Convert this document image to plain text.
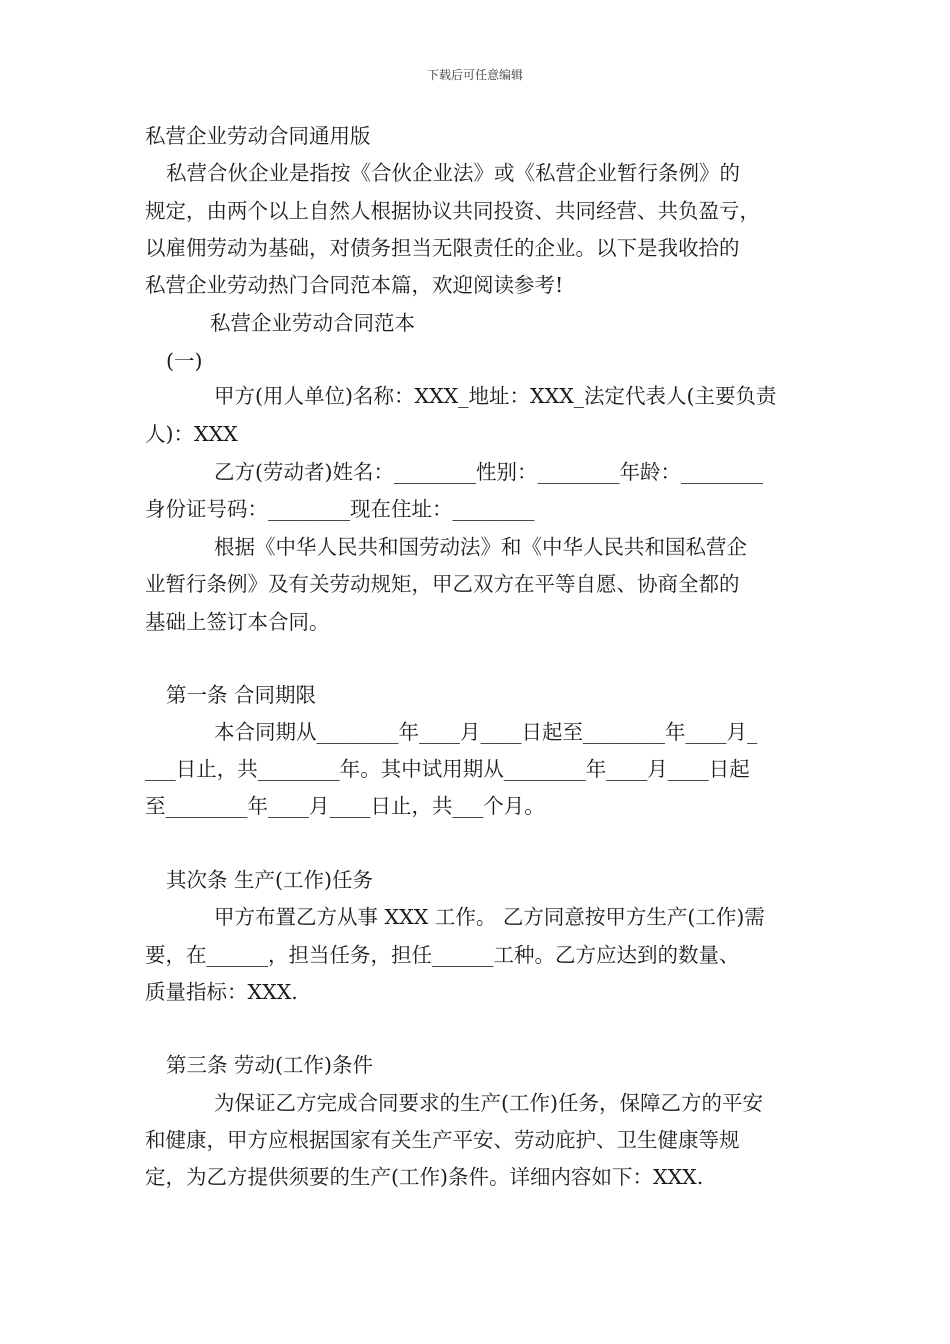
下载后可任意编辑
私营企业劳动合同通用版
私营合伙企业是指按《合伙企业法》或《私营企业暂行条例》的
规定，由两个以上自然人根据协议共同投资、共同经营、共负盈亏，
以雇佣劳动为基础，对债务担当无限责任的企业。以下是我收拾的
私营企业劳动热门合同范本篇，欢迎阅读参考!
私营企业劳动合同范本
(一)
甲方(用人单位)名称：XXX_地址：XXX_法定代表人(主要负责
人)：XXX
乙方(劳动者)姓名：________性别：________年龄：________
身份证号码：________现在住址：________
根据《中华人民共和国劳动法》和《中华人民共和国私营企
业暂行条例》及有关劳动规矩，甲乙双方在平等自愿、协商全都的
基础上签订本合同。
第一条 合同期限
本合同期从________年____月____日起至________年____月_
___日止，共________年。其中试用期从________年____月____日起
至________年____月____日止，共___个月。
其次条 生产(工作)任务
甲方布置乙方从事 XXX 工作。 乙方同意按甲方生产(工作)需
要，在______，担当任务，担任______工种。乙方应达到的数量、
质量指标：XXX.
第三条 劳动(工作)条件
为保证乙方完成合同要求的生产(工作)任务，保障乙方的平安
和健康，甲方应根据国家有关生产平安、劳动庇护、卫生健康等规
定，为乙方提供须要的生产(工作)条件。详细内容如下：XXX.
